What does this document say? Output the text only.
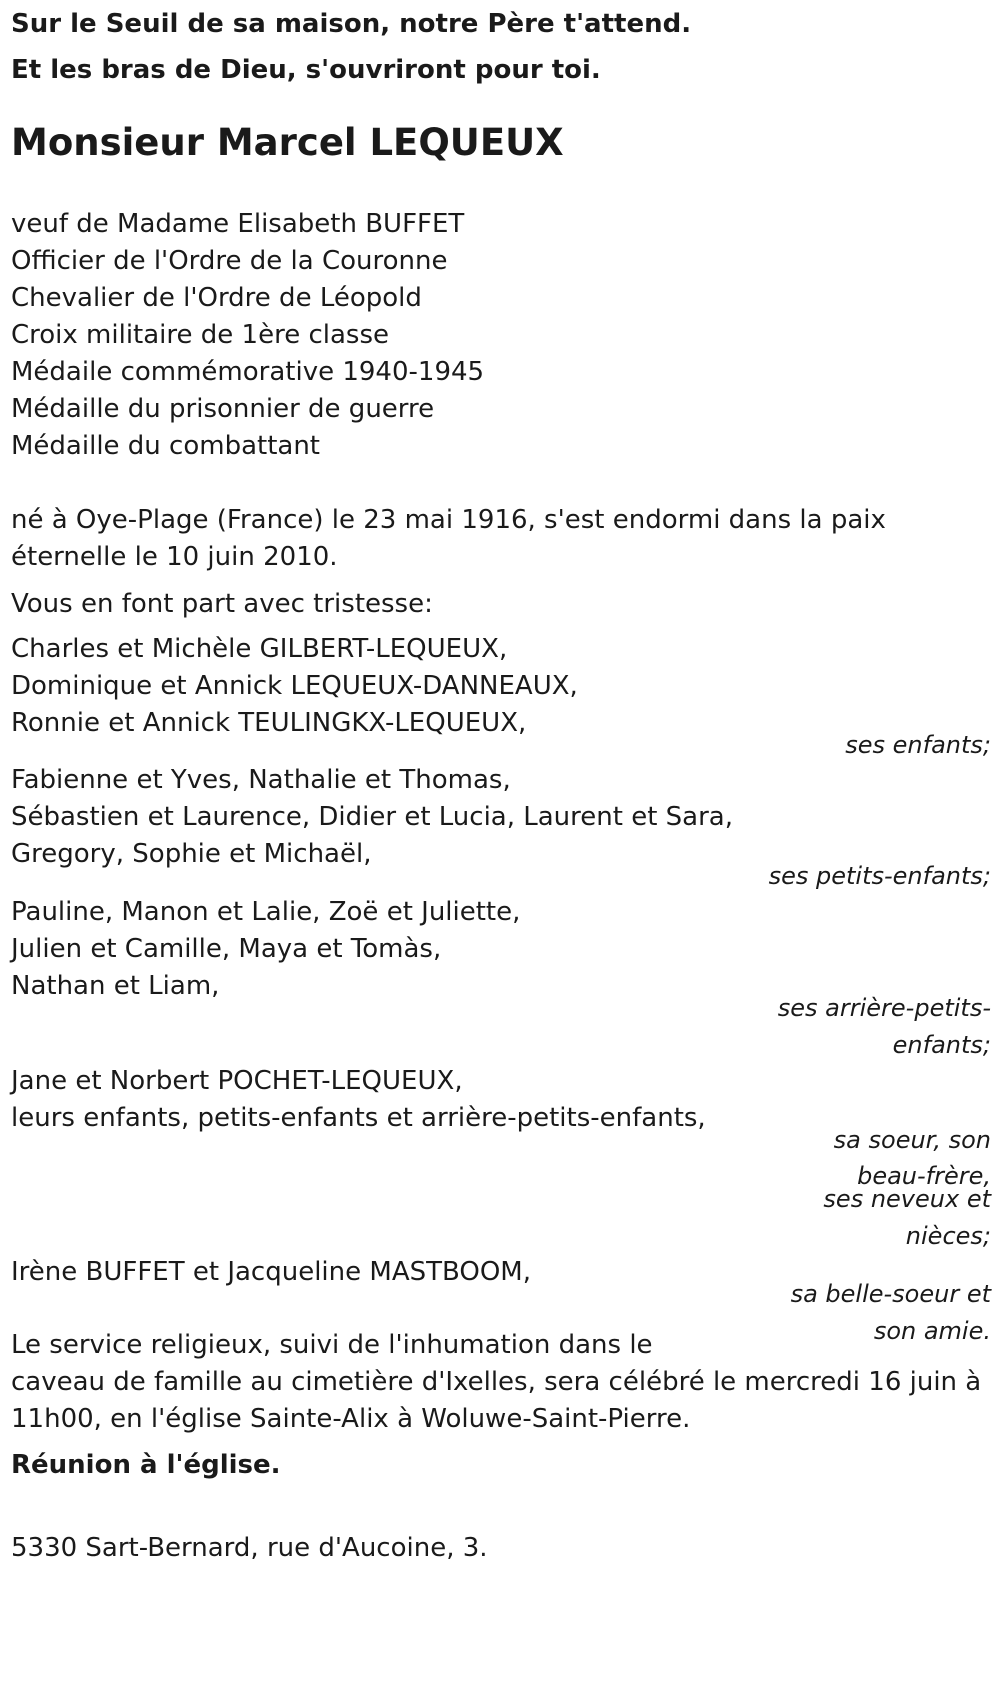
Sur le Seuil de sa maison, notre Père t'attend.
Et les bras de Dieu, s'ouvriront pour toi.
Monsieur Marcel LEQUEUX
veuf de Madame Elisabeth BUFFET
Officier de l'Ordre de la Couronne
Chevalier de l'Ordre de Léopold
Croix militaire de 1ère classe
Médaile commémorative 1940-1945
Médaille du prisonnier de guerre
Médaille du combattant
né à Oye-Plage (France) le 23 mai 1916, s'est endormi dans la paix
éternelle le 10 juin 2010.
Vous en font part avec tristesse:
Charles et Michèle GILBERT-LEQUEUX,
Dominique et Annick LEQUEUX-DANNEAUX,
Ronnie et Annick TEULINGKX-LEQUEUX,
ses enfants;
Fabienne et Yves, Nathalie et Thomas,
Sébastien et Laurence, Didier et Lucia, Laurent et Sara,
Gregory, Sophie et Michaël,
ses petits-enfants;
Pauline, Manon et Lalie, Zoë et Juliette,
Julien et Camille, Maya et Tomàs,
Nathan et Liam,
ses arrière-petits-
enfants;
Jane et Norbert POCHET-LEQUEUX,
leurs enfants, petits-enfants et arrière-petits-enfants,
sa soeur, son
beau-frère,
ses neveux et
nièces;
Irène BUFFET et Jacqueline MASTBOOM,
sa belle-soeur et
son amie.
Le service religieux, suivi de l'inhumation dans le
caveau de famille au cimetière d'Ixelles, sera célébré le mercredi 16 juin à
11h00, en l'église Sainte-Alix à Woluwe-Saint-Pierre.
Réunion à l'église.
5330 Sart-Bernard, rue d'Aucoine, 3.
